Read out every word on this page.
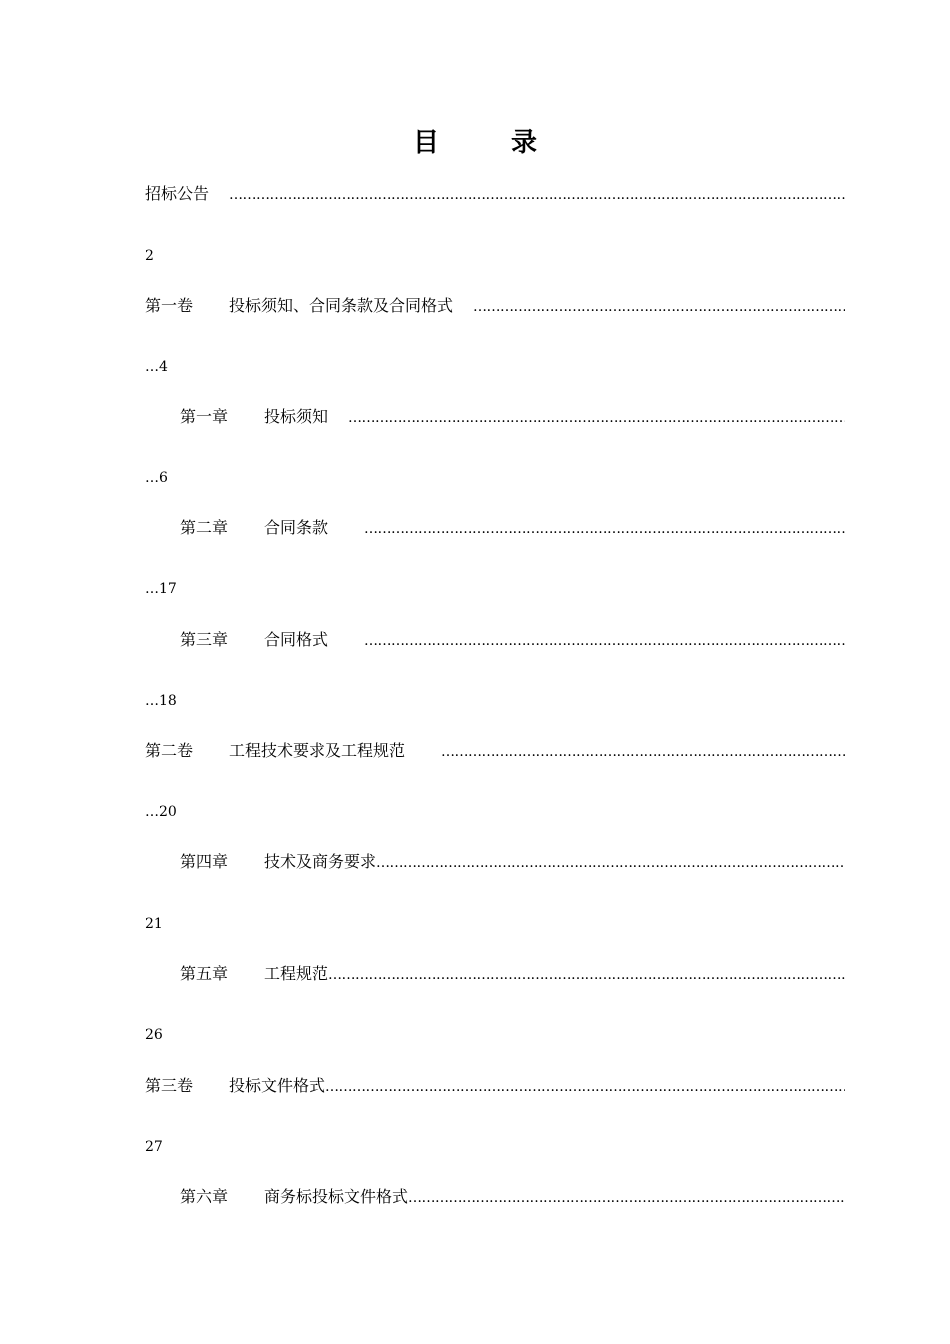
目	录
招标公告
……………………………………………………………………………………………………………………………………………………………………………………………………………………
2
第一卷 投标须知、合同条款及合同格式
……………………………………………………………………………………………………………………………………………………………………………………………………………………
…4
第一章 投标须知
……………………………………………………………………………………………………………………………………………………………………………………………………………………
…6
第二章 合同条款
……………………………………………………………………………………………………………………………………………………………………………………………………………………
…17
第三章 合同格式
……………………………………………………………………………………………………………………………………………………………………………………………………………………
…18
第二卷 工程技术要求及工程规范
……………………………………………………………………………………………………………………………………………………………………………………………………………………
…20
第四章 技术及商务要求
……………………………………………………………………………………………………………………………………………………………………………………………………………………
21
第五章 工程规范
……………………………………………………………………………………………………………………………………………………………………………………………………………………
26
第三卷 投标文件格式
……………………………………………………………………………………………………………………………………………………………………………………………………………………
27
第六章 商务标投标文件格式
……………………………………………………………………………………………………………………………………………………………………………………………………………………
